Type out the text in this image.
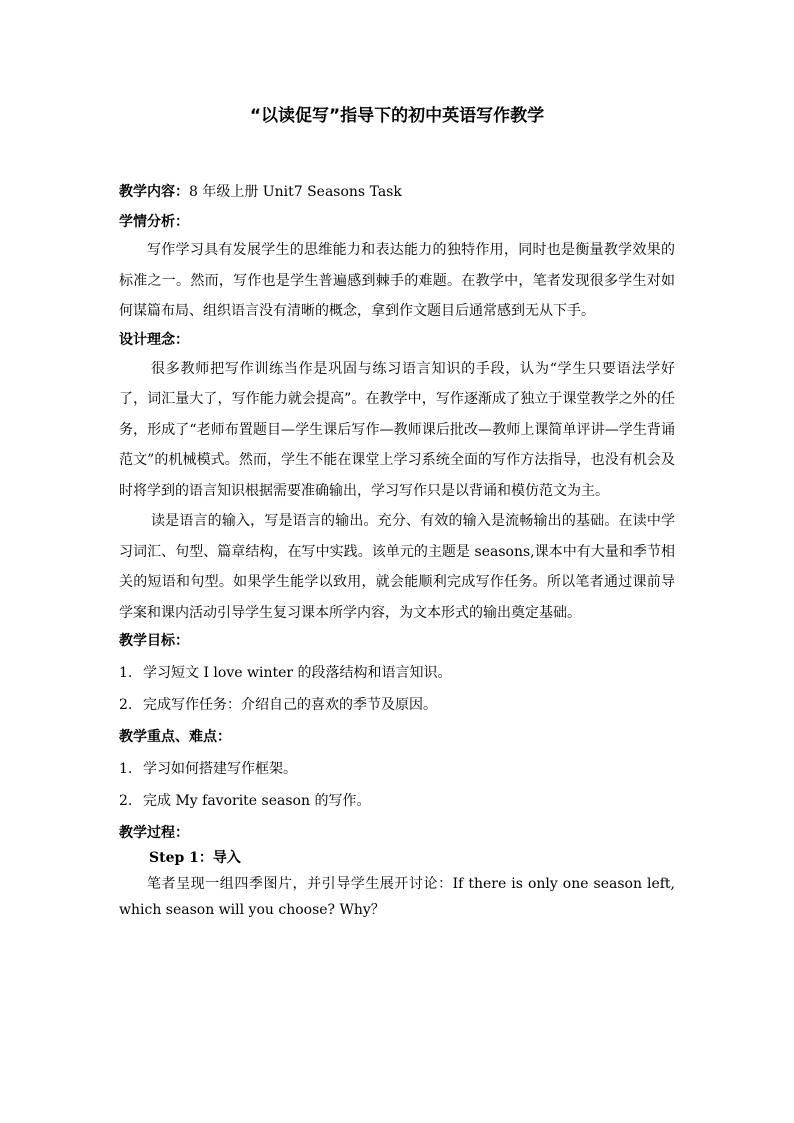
“以读促写”指导下的初中英语写作教学

教学内容：8 年级上册 Unit7 Seasons Task

学情分析：

写作学习具有发展学生的思维能力和表达能力的独特作用，同时也是衡量教学效果的标准之一。然而，写作也是学生普遍感到棘手的难题。在教学中，笔者发现很多学生对如何谋篇布局、组织语言没有清晰的概念，拿到作文题目后通常感到无从下手。

设计理念：

很多教师把写作训练当作是巩固与练习语言知识的手段，认为“学生只要语法学好了，词汇量大了，写作能力就会提高”。在教学中，写作逐渐成了独立于课堂教学之外的任务，形成了“老师布置题目—学生课后写作—教师课后批改—教师上课简单评讲—学生背诵范文”的机械模式。然而，学生不能在课堂上学习系统全面的写作方法指导，也没有机会及时将学到的语言知识根据需要准确输出，学习写作只是以背诵和模仿范文为主。

读是语言的输入，写是语言的输出。充分、有效的输入是流畅输出的基础。在读中学习词汇、句型、篇章结构，在写中实践。该单元的主题是 seasons,课本中有大量和季节相关的短语和句型。如果学生能学以致用，就会能顺利完成写作任务。所以笔者通过课前导学案和课内活动引导学生复习课本所学内容，为文本形式的输出奠定基础。

教学目标：

1. 学习短文 I love winter 的段落结构和语言知识。

2. 完成写作任务：介绍自己的喜欢的季节及原因。

教学重点、难点：

1. 学习如何搭建写作框架。

2. 完成 My favorite season 的写作。

教学过程：

Step 1：导入

笔者呈现一组四季图片，并引导学生展开讨论：If there is only one season left, which season will you choose? Why？
